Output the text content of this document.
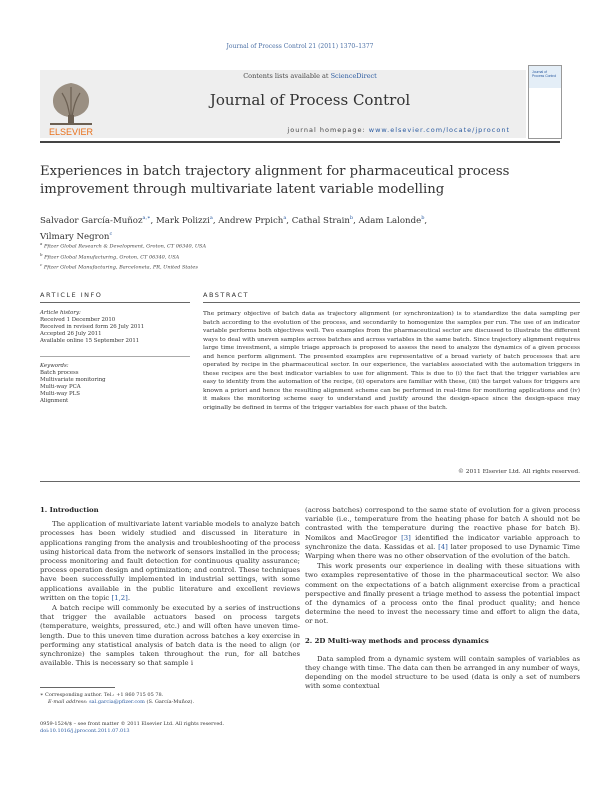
Journal of Process Control 21 (2011) 1370–1377
ELSEVIER
Contents lists available at ScienceDirect
Journal of Process Control
journal homepage: www.elsevier.com/locate/jprocont
Journal of
Process Control
Experiences in batch trajectory alignment for pharmaceutical process
improvement through multivariate latent variable modelling
Salvador García-Muñoz$^{a,∗}$, Mark Polizzi$^a$, Andrew Prpich$^a$, Cathal Strain$^b$, Adam Lalonde$^b$,
Vilmary Negron$^c$
$^a$ Pfizer Global Research & Development, Groton, CT 06340, USA
$^b$ Pfizer Global Manufacturing, Groton, CT 06340, USA
$^c$ Pfizer Global Manufacturing, Barceloneta, PR, United States
ARTICLE INFO	ABSTRACT
Article history:
Received 1 December 2010
Received in revised form 26 July 2011
Accepted 26 July 2011
Available online 15 September 2011
Keywords:
Batch process
Multivariate monitoring
Multi-way PCA
Multi-way PLS
Alignment
The primary objective of batch data as trajectory alignment (or synchronization) is to standardize the data sampling per batch according to the evolution of the process, and secondarily to homogenize the samples per run. The use of an indicator variable performs both objectives well. Two examples from the pharmaceutical sector are discussed to illustrate the different ways to deal with uneven samples across batches and across variables in the same batch. Since trajectory alignment requires large time investment, a simple triage approach is proposed to assess the need to analyze the dynamics of a given process and hence perform alignment. The presented examples are representative of a broad variety of batch processes that are operated by recipe in the pharmaceutical sector. In our experience, the variables associated with the automation triggers in these recipes are the best indicator variables to use for alignment. This is due to (i) the fact that the trigger variables are easy to identify from the automation of the recipe, (ii) operators are familiar with these, (iii) the target values for triggers are known a priori and hence the resulting alignment scheme can be performed in real-time for monitoring applications and (iv) it makes the monitoring scheme easy to understand and justify around the design-space since the design-space may originally be defined in terms of the trigger variables for each phase of the batch.
© 2011 Elsevier Ltd. All rights reserved.
1. Introduction

The application of multivariate latent variable models to analyze batch processes has been widely studied and discussed in literature in applications ranging from the analysis and troubleshooting of the process using historical data from the network of sensors installed in the process; process monitoring and fault detection for continuous quality assurance; process operation design and optimization; and control. These techniques have been successfully implemented in industrial settings, with some applications available in the public literature and excellent reviews written on the topic [1,2].

A batch recipe will commonly be executed by a series of instructions that trigger the available actuators based on process targets (temperature, weights, pressured, etc.) and will often have uneven time-length. Due to this uneven time duration across batches a key exercise in performing any statistical analysis of batch data is the need to align (or synchronize) the samples taken throughout the run, for all batches available. This is necessary so that sample i

∗ Corresponding author. Tel.: +1 860 715 05 78.
E-mail address: sal.garcia@pfizer.com (S. García-Muñoz).
0959-1524/$ – see front matter © 2011 Elsevier Ltd. All rights reserved.
doi:10.1016/j.jprocont.2011.07.013

(across batches) correspond to the same state of evolution for a given process variable (i.e., temperature from the heating phase for batch A should not be contrasted with the temperature during the reactive phase for batch B). Nomikos and MacGregor [3] identified the indicator variable approach to synchronize the data. Kassidas et al. [4] later proposed to use Dynamic Time Warping when there was no other observation of the evolution of the batch.

This work presents our experience in dealing with these situations with two examples representative of those in the pharmaceutical sector. We also comment on the expectations of a batch alignment exercise from a practical perspective and finally present a triage method to assess the potential impact of the dynamics of a process onto the final product quality; and hence determine the need to invest the necessary time and effort to align the data, or not.

2. 2D Multi-way methods and process dynamics

Data sampled from a dynamic system will contain samples of variables as they change with time. The data can then be arranged in any number of ways, depending on the model structure to be used (data is only a set of numbers with some contextual
